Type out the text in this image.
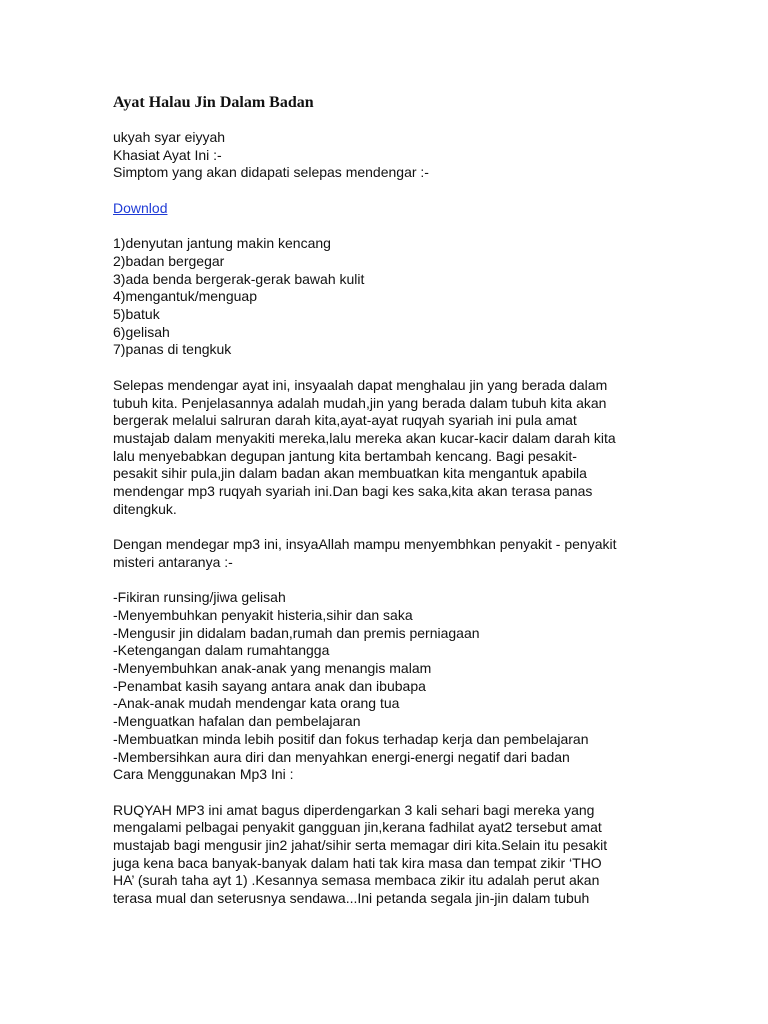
Ayat Halau Jin Dalam Badan
ukyah syar eiyyah
Khasiat Ayat Ini :-
Simptom yang akan didapati selepas mendengar :-
Downlod
1)denyutan jantung makin kencang
2)badan bergegar
3)ada benda bergerak-gerak bawah kulit
4)mengantuk/menguap
5)batuk
6)gelisah
7)panas di tengkuk
Selepas mendengar ayat ini, insyaalah dapat menghalau jin yang berada dalam
tubuh kita. Penjelasannya adalah mudah,jin yang berada dalam tubuh kita akan
bergerak melalui salruran darah kita,ayat-ayat ruqyah syariah ini pula amat
mustajab dalam menyakiti mereka,lalu mereka akan kucar-kacir dalam darah kita
lalu menyebabkan degupan jantung kita bertambah kencang. Bagi pesakit-
pesakit sihir pula,jin dalam badan akan membuatkan kita mengantuk apabila
mendengar mp3 ruqyah syariah ini.Dan bagi kes saka,kita akan terasa panas
ditengkuk.
Dengan mendegar mp3 ini, insyaAllah mampu menyembhkan penyakit - penyakit
misteri antaranya :-
-Fikiran runsing/jiwa gelisah
-Menyembuhkan penyakit histeria,sihir dan saka
-Mengusir jin didalam badan,rumah dan premis perniagaan
-Ketengangan dalam rumahtangga
-Menyembuhkan anak-anak yang menangis malam
-Penambat kasih sayang antara anak dan ibubapa
-Anak-anak mudah mendengar kata orang tua
-Menguatkan hafalan dan pembelajaran
-Membuatkan minda lebih positif dan fokus terhadap kerja dan pembelajaran
-Membersihkan aura diri dan menyahkan energi-energi negatif dari badan
Cara Menggunakan Mp3 Ini :
RUQYAH MP3 ini amat bagus diperdengarkan 3 kali sehari bagi mereka yang
mengalami pelbagai penyakit gangguan jin,kerana fadhilat ayat2 tersebut amat
mustajab bagi mengusir jin2 jahat/sihir serta memagar diri kita.Selain itu pesakit
juga kena baca banyak-banyak dalam hati tak kira masa dan tempat zikir ‘THO
HA’ (surah taha ayt 1) .Kesannya semasa membaca zikir itu adalah perut akan
terasa mual dan seterusnya sendawa...Ini petanda segala jin-jin dalam tubuh
